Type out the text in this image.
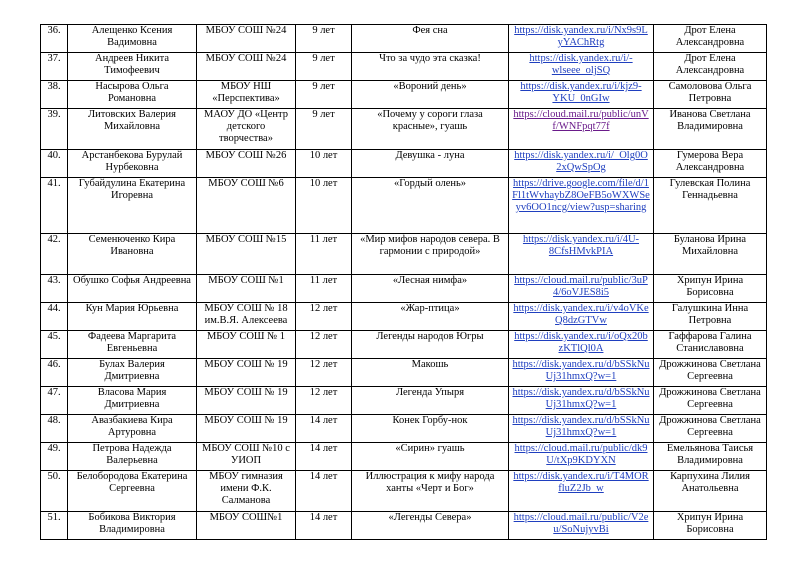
36.	Алещенко Ксения Вадимовна	МБОУ СОШ №24	9 лет	Фея сна	https://disk.yandex.ru/i/Nx9s9LyYAChRtg	Дрот Елена Александровна
37.	Андреев Никита Тимофеевич	МБОУ СОШ №24	9 лет	Что за чудо эта сказка!	https://disk.yandex.ru/i/-wlseee_oljSQ	Дрот Елена Александровна
38.	Насырова Ольга Романовна	МБОУ НШ «Перспектива»	9 лет	«Вороний день»	https://disk.yandex.ru/i/kjz9-YKU_0nGIw	Самоловова Ольга Петровна
39.	Литовских Валерия Михайловна	МАОУ ДО «Центр детского творчества»	9 лет	«Почему у сороги глаза красные», гуашь	https://cloud.mail.ru/public/unVf/WNFpqt77f	Иванова Светлана Владимировна
40.	Арстанбекова Бурулай Нурбековна	МБОУ СОШ №26	10 лет	Девушка - луна	https://disk.yandex.ru/i/_Olg0O2xQwSpOg	Гумерова Вера Александровна
41.	Губайдулина Екатерина Игоревна	МБОУ СОШ №6	10 лет	«Гордый олень»	https://drive.google.com/file/d/1Fl1tWvhaybZ8OeFB5oWXWSeyv6OO1ncg/view?usp=sharing	Гулевская Полина Геннадьевна
42.	Семенюченко Кира Ивановна	МБОУ СОШ №15	11 лет	«Мир мифов народов севера. В гармонии с природой»	https://disk.yandex.ru/i/4U-8CfsHMvkPIA	Буланова Ирина Михайловна
43.	Обушко Софья Андреевна	МБОУ СОШ №1	11 лет	«Лесная нимфа»	https://cloud.mail.ru/public/3uP4/6oVJES8i5	Хрипун Ирина Борисовна
44.	Кун Мария Юрьевна	МБОУ СОШ № 18 им.В.Я. Алексеева	12 лет	«Жар-птица»	https://disk.yandex.ru/i/v4oVKeQ8dzGTVw	Галушкина Инна Петровна
45.	Фадеева Маргарита Евгеньевна	МБОУ СОШ № 1	12 лет	Легенды народов Югры	https://disk.yandex.ru/i/oQx20bzKTlQl0A	Гаффарова Галина Станиславовна
46.	Булах Валерия Дмитриевна	МБОУ СОШ № 19	12 лет	Макошь	https://disk.yandex.ru/d/bSSkNuUj31hmxQ?w=1	Дрожжинова Светлана Сергеевна
47.	Власова Мария Дмитриевна	МБОУ СОШ № 19	12 лет	Легенда Упыря	https://disk.yandex.ru/d/bSSkNuUj31hmxQ?w=1	Дрожжинова Светлана Сергеевна
48.	Авазбакиева Кира Артуровна	МБОУ СОШ № 19	14 лет	Конек Горбу-нок	https://disk.yandex.ru/d/bSSkNuUj31hmxQ?w=1	Дрожжинова Светлана Сергеевна
49.	Петрова Надежда Валерьевна	МБОУ СОШ №10 с УИОП	14 лет	«Сирин» гуашь	https://cloud.mail.ru/public/dk9U/tXp9KDYXN	Емельянова Таисья Владимировна
50.	Белобородова Екатерина Сергеевна	МБОУ гимназия имени Ф.К. Салманова	14 лет	Иллюстрация к мифу народа ханты «Черт и Бог»	https://disk.yandex.ru/i/T4MORfluZ2Jb_w	Карпухина Лилия Анатольевна
51.	Бобикова Виктория Владимировна	МБОУ СОШ№1	14 лет	«Легенды Севера»	https://cloud.mail.ru/public/V2eu/SoNujyvBi	Хрипун Ирина Борисовна
